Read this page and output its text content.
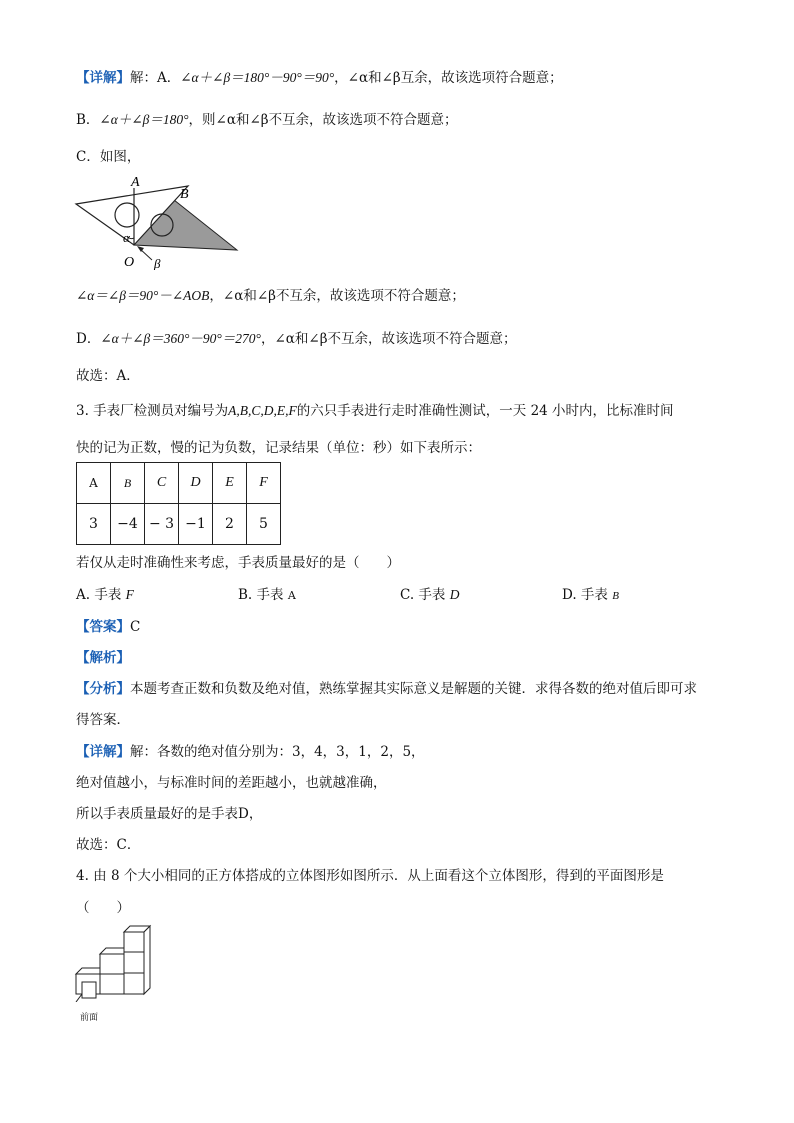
【详解】解：A．∠α＋∠β＝180°－90°＝90°，∠α和∠β互余，故该选项符合题意；
B．∠α＋∠β＝180°，则∠α和∠β不互余，故该选项不符合题意；
C．如图，
A
B
O
α
β
∠α＝∠β＝90°－∠AOB，∠α和∠β不互余，故该选项不符合题意；
D．∠α＋∠β＝360°－90°＝270°，∠α和∠β不互余，故该选项不符合题意；
故选：A．
3. 手表厂检测员对编号为A,B,C,D,E,F的六只手表进行走时准确性测试，一天 24 小时内，比标准时间
快的记为正数，慢的记为负数，记录结果（单位：秒）如下表所示：
A	B	C	D	E	F
3	−4	− 3	−1	2	5
若仅从走时准确性来考虑，手表质量最好的是（　　）
A. 手表 F	B. 手表 A	C. 手表 D	D. 手表 B
【答案】C
【解析】
【分析】本题考查正数和负数及绝对值，熟练掌握其实际意义是解题的关键．求得各数的绝对值后即可求
得答案．
【详解】解：各数的绝对值分别为：3，4，3，1，2，5，
绝对值越小，与标准时间的差距越小，也就越准确，
所以手表质量最好的是手表D，
故选：C．
4. 由 8 个大小相同的正方体搭成的立体图形如图所示．从上面看这个立体图形，得到的平面图形是
（　　）
前面
